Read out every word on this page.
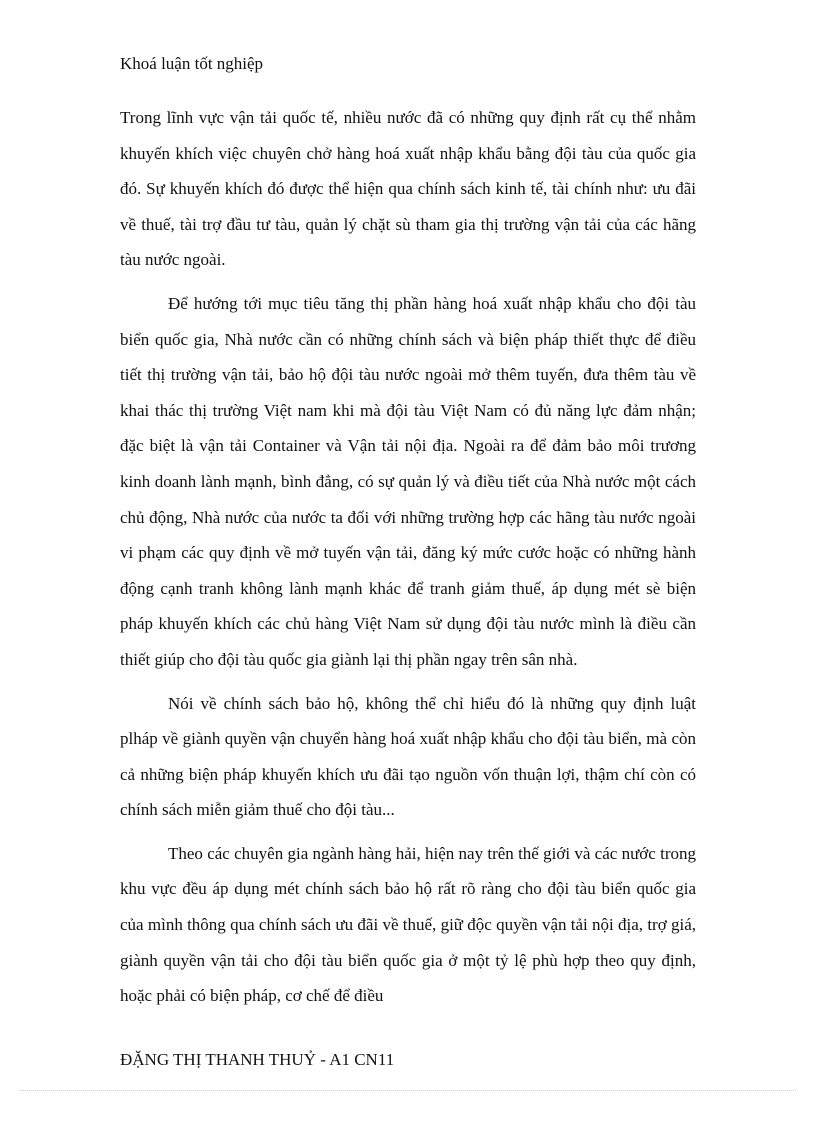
Khoá luận tốt nghiệp

Trong lĩnh vực vận tải quốc tế, nhiều nước đã có những quy định rất cụ thể nhằm khuyến khích việc chuyên chở hàng hoá xuất nhập khẩu bằng đội tàu của quốc gia đó. Sự khuyến khích đó được thể hiện qua chính sách kinh tế, tài chính như: ưu đãi về thuế, tài trợ đầu tư tàu, quản lý chặt sù tham gia thị trường vận tải của các hãng tàu nước ngoài.

Để hướng tới mục tiêu tăng thị phần hàng hoá xuất nhập khẩu cho đội tàu biển quốc gia, Nhà nước cần có những chính sách và biện pháp thiết thực để điều tiết thị trường vận tải, bảo hộ đội tàu nước ngoài mở thêm tuyến, đưa thêm tàu về khai thác thị trường Việt nam khi mà đội tàu Việt Nam có đủ năng lực đảm nhận; đặc biệt là vận tải Container và Vận tải nội địa. Ngoài ra để đảm bảo môi trương kinh doanh lành mạnh, bình đẳng, có sự quản lý và điều tiết của Nhà nước một cách chủ động, Nhà nước của nước ta đối với những trường hợp các hãng tàu nước ngoài vi phạm các quy định về mở tuyến vận tải, đăng ký mức cước hoặc có những hành động cạnh tranh không lành mạnh khác để tranh giảm thuế, áp dụng mét sè biện pháp khuyến khích các chủ hàng Việt Nam sử dụng đội tàu nước mình là điều cần thiết giúp cho đội tàu quốc gia giành lại thị phần ngay trên sân nhà.

Nói về chính sách bảo hộ, không thể chỉ hiểu đó là những quy định luật plháp về giành quyền vận chuyển hàng hoá xuất nhập khẩu cho đội tàu biển, mà còn cả những biện pháp khuyến khích ưu đãi tạo nguồn vốn thuận lợi, thậm chí còn có chính sách miễn giảm thuế cho đội tàu...

Theo các chuyên gia ngành hàng hải, hiện nay trên thế giới và các nước trong khu vực đều áp dụng mét chính sách bảo hộ rất rõ ràng cho đội tàu biển quốc gia của mình thông qua chính sách ưu đãi về thuế, giữ độc quyền vận tải nội địa, trợ giá, giành quyền vận tải cho đội tàu biển quốc gia ở một tỷ lệ phù hợp theo quy định, hoặc phải có biện pháp, cơ chế để điều

ĐẶNG THỊ THANH THUỶ - A1 CN11
